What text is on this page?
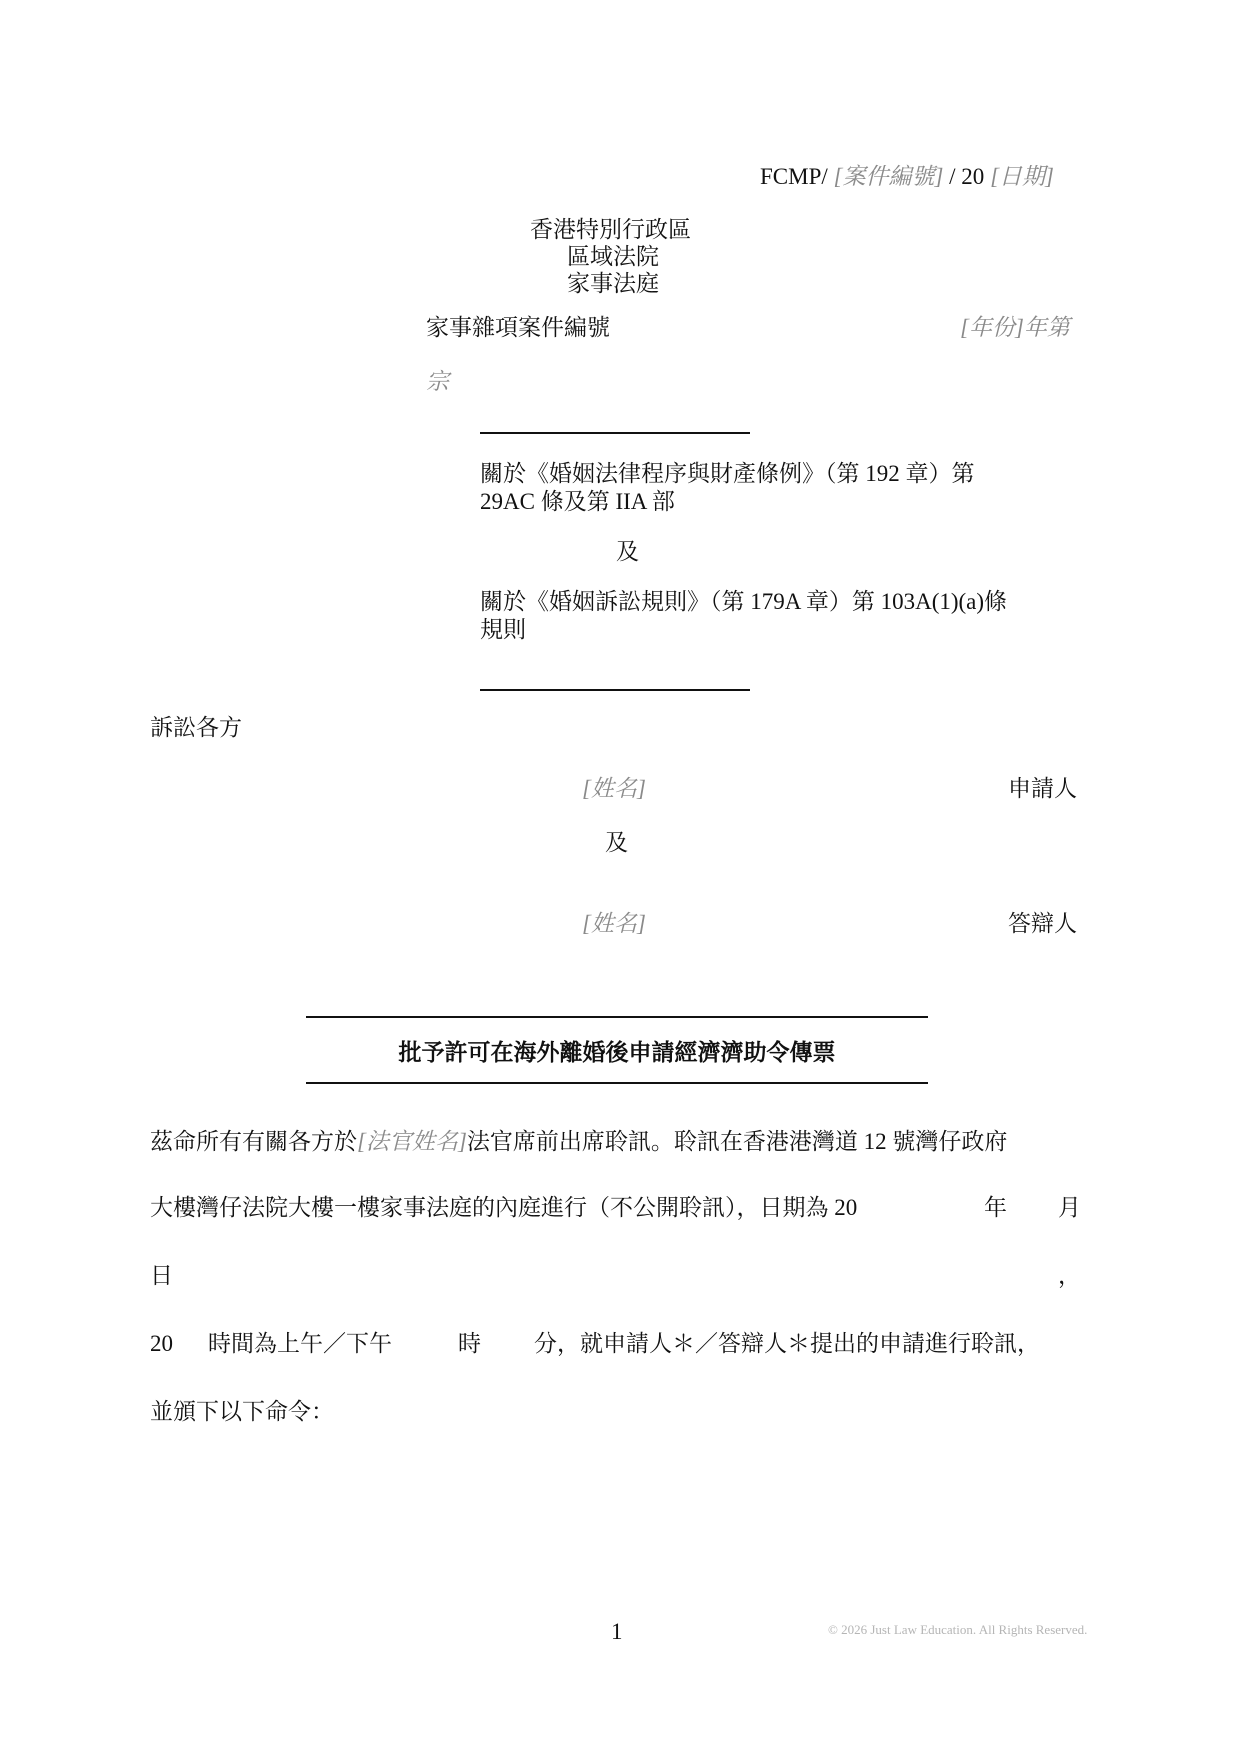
FCMP/ [案件編號] / 20 [日期]
香港特別行政區
區域法院
家事法庭
家事雜項案件編號	[年份]年第
宗
關於《婚姻法律程序與財產條例》（第 192 章）第
29AC 條及第 IIA 部
及
關於《婚姻訴訟規則》（第 179A 章）第 103A(1)(a)條
規則
訴訟各方
[姓名]	申請人
及
[姓名]	答辯人
批予許可在海外離婚後申請經濟濟助令傳票
茲命所有有關各方於[法官姓名]法官席前出席聆訊。聆訊在香港港灣道 12 號灣仔政府
大樓灣仔法院大樓一樓家事法庭的內庭進行（不公開聆訊），日期為 20	年 月
日	，
20 時間為上午／下午	時 分，就申請人＊／答辯人＊提出的申請進行聆訊，
並頒下以下命令：
1	© 2026 Just Law Education. All Rights Reserved.
